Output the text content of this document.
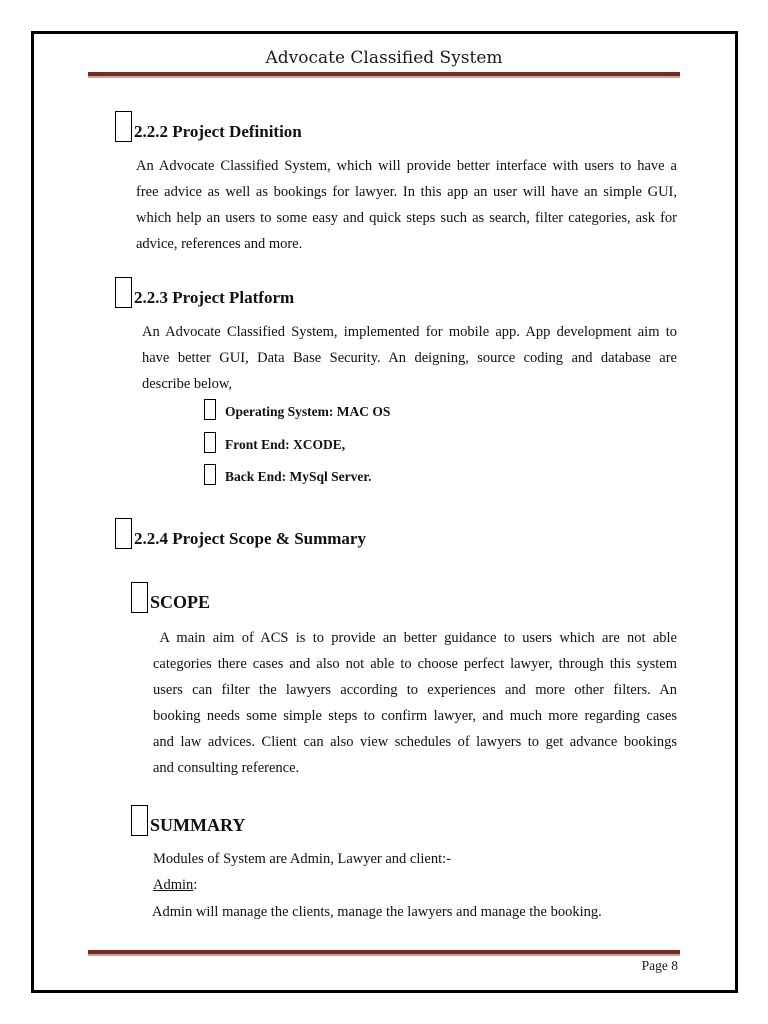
Advocate Classified System
2.2.2 Project Definition
An Advocate Classified System, which will provide better interface with users to have a
free advice as well as bookings for lawyer. In this app an user will have an simple GUI,
which help an users to some easy and quick steps such as search, filter categories, ask for
advice, references and more.
2.2.3 Project Platform
An Advocate Classified System, implemented for mobile app. App development aim to
have better GUI, Data Base Security. An deigning, source coding and database are
describe below,
Operating System: MAC OS
Front End: XCODE,
Back End: MySql Server.
2.2.4 Project Scope & Summary
SCOPE
A main aim of ACS is to provide an better guidance to users which are not able
categories there cases and also not able to choose perfect lawyer, through this system
users can filter the lawyers according to experiences and more other filters. An
booking needs some simple steps to confirm lawyer, and much more regarding cases
and law advices. Client can also view schedules of lawyers to get advance bookings
and consulting reference.
SUMMARY
Modules of System are Admin, Lawyer and client:-
Admin:
Admin will manage the clients, manage the lawyers and manage the booking.
Page 8
